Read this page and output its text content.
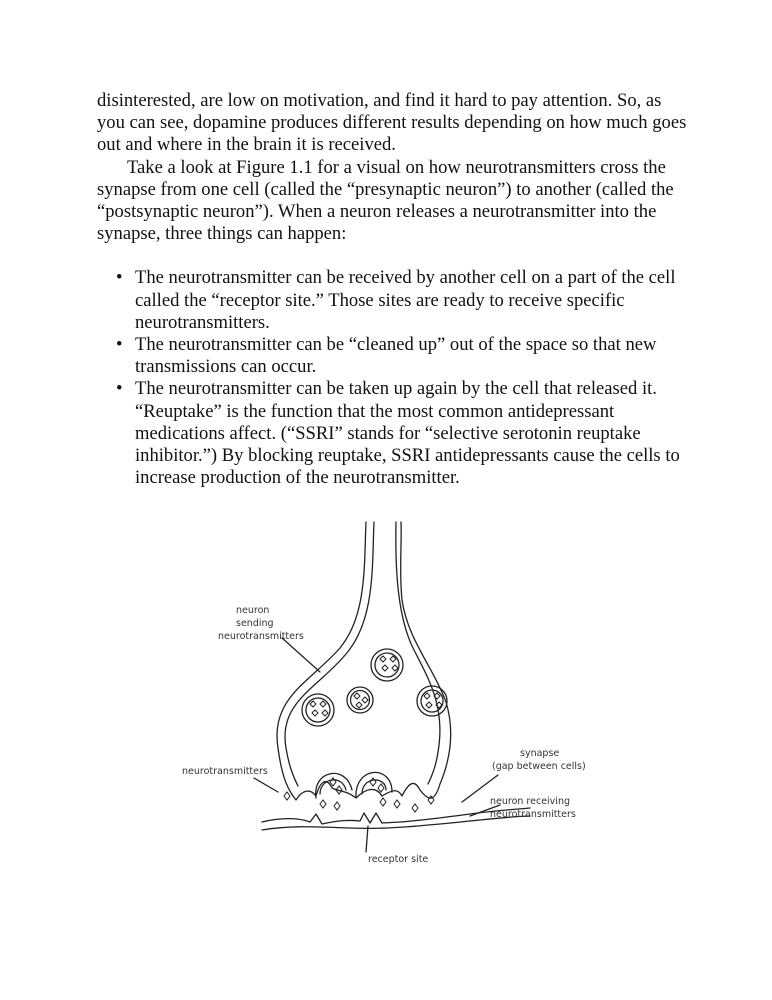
disinterested, are low on motivation, and find it hard to pay attention. So, as you can see, dopamine produces different results depending on how much goes out and where in the brain it is received.

Take a look at Figure 1.1 for a visual on how neurotransmitters cross the synapse from one cell (called the “presynaptic neuron”) to another (called the “postsynaptic neuron”). When a neuron releases a neurotransmitter into the synapse, three things can happen:

• The neurotransmitter can be received by another cell on a part of the cell called the “receptor site.” Those sites are ready to receive specific neurotransmitters.
• The neurotransmitter can be “cleaned up” out of the space so that new transmissions can occur.
• The neurotransmitter can be taken up again by the cell that released it. “Reuptake” is the function that the most common antidepressant medications affect. (“SSRI” stands for “selective serotonin reuptake inhibitor.”) By blocking reuptake, SSRI antidepressants cause the cells to increase production of the neurotransmitter.
neuron
sending
neurotransmitters
neurotransmitters
synapse
(gap between cells)
neuron receiving
neurotransmitters
receptor site
